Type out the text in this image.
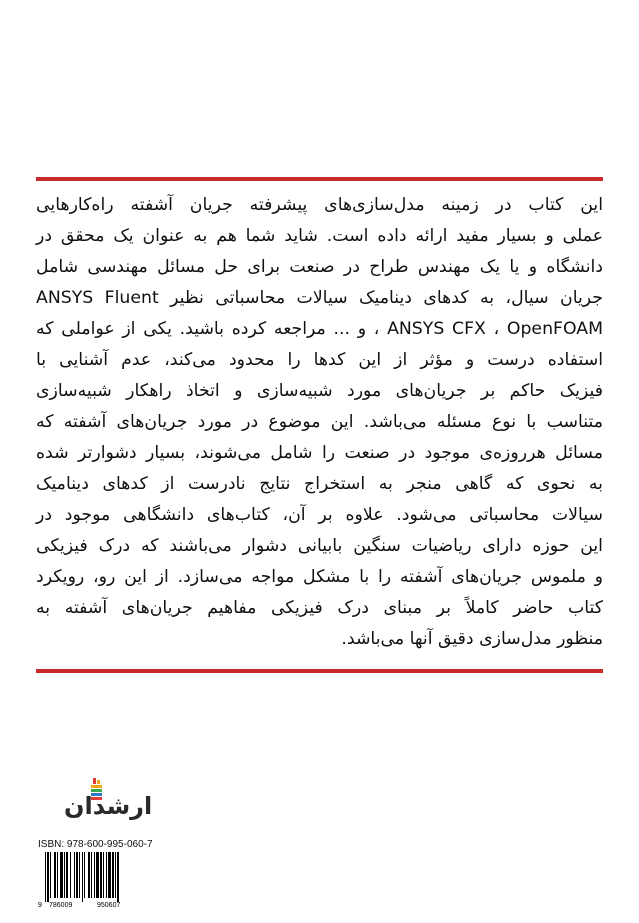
این کتاب در زمینه مدل‌سازی‌های پیشرفته جریان آشفته راه‌کارهایی
عملی و بسیار مفید ارائه داده است. شاید شما هم به عنوان یک محقق در
دانشگاه و یا یک مهندس طراح در صنعت برای حل مسائل مهندسی شامل
جریان سیال، به کدهای دینامیک سیالات محاسباتی نظیر ANSYS Fluent
ANSYS CFX ، OpenFOAM ، و ... مراجعه کرده باشید. یکی از عواملی که
استفاده درست و مؤثر از این کدها را محدود می‌کند، عدم آشنایی با
فیزیک حاکم بر جریان‌های مورد شبیه‌سازی و اتخاذ راهکار شبیه‌سازی
متناسب با نوع مسئله می‌باشد. این موضوع در مورد جریان‌های آشفته که
مسائل هرروزه‌ی موجود در صنعت را شامل می‌شوند، بسیار دشوارتر شده
به نحوی که گاهی منجر به استخراج نتایج نادرست از کدهای دینامیک
سیالات محاسباتی می‌شود. علاوه بر آن، کتاب‌های دانشگاهی موجود در
این حوزه دارای ریاضیات سنگین بابیانی دشوار می‌باشند که درک فیزیکی
و ملموس جریان‌های آشفته را با مشکل مواجه می‌سازد. از این رو، رویکرد
کتاب حاضر کاملاً بر مبنای درک فیزیکی مفاهیم جریان‌های آشفته به
منظور مدل‌سازی دقیق آنها می‌باشد.
ارشدان
ISBN: 978-600-995-060-7
9 786009	950607
